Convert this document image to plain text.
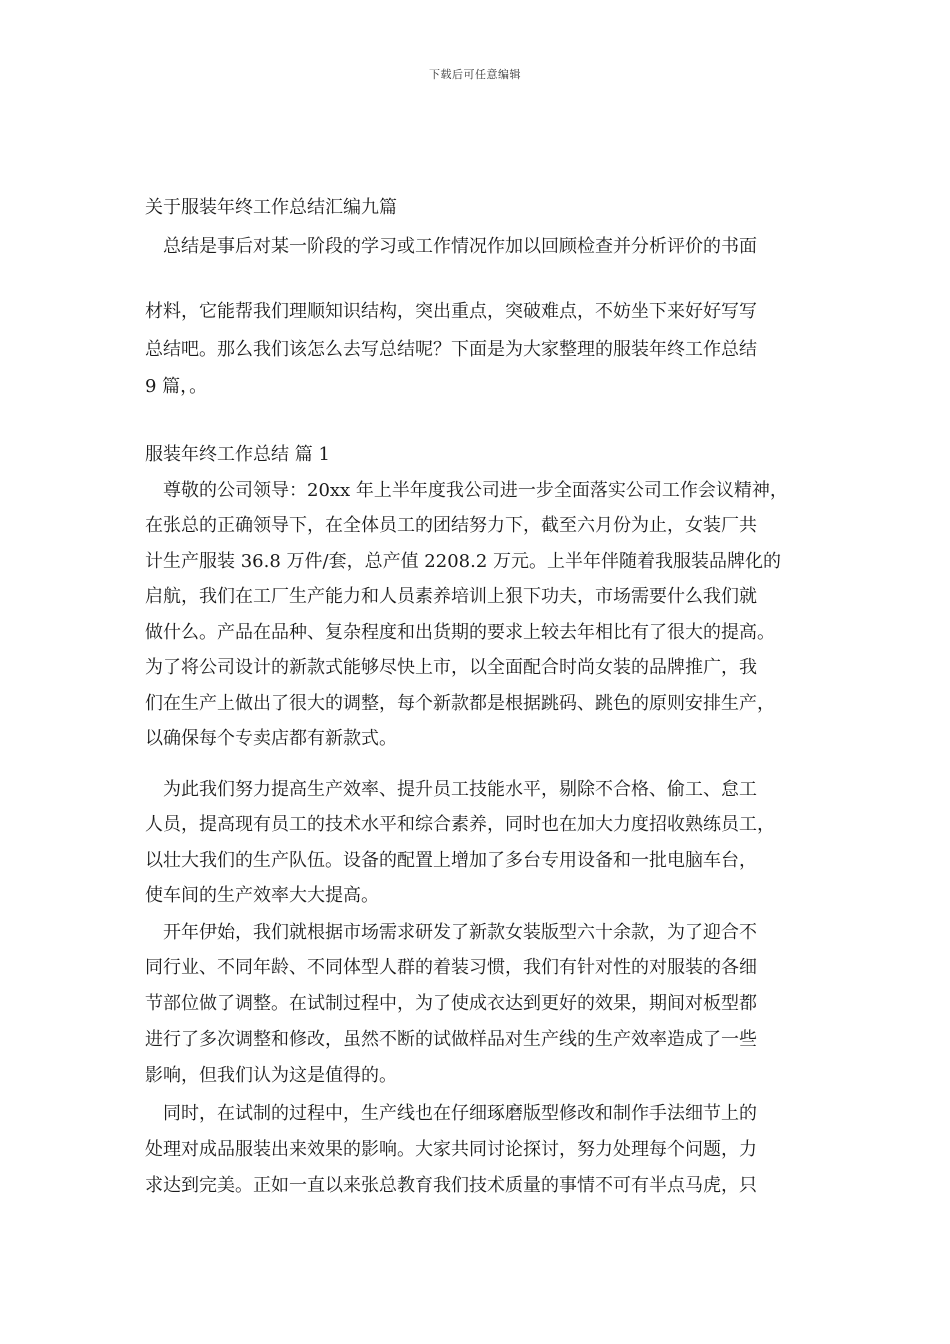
下载后可任意编辑
关于服装年终工作总结汇编九篇
总结是事后对某一阶段的学习或工作情况作加以回顾检查并分析评价的书面
材料，它能帮我们理顺知识结构，突出重点，突破难点，不妨坐下来好好写写
总结吧。那么我们该怎么去写总结呢？下面是为大家整理的服装年终工作总结
9 篇，。
服装年终工作总结 篇 1
尊敬的公司领导：20xx 年上半年度我公司进一步全面落实公司工作会议精神，
在张总的正确领导下，在全体员工的团结努力下，截至六月份为止，女装厂共
计生产服装 36.8 万件/套，总产值 2208.2 万元。上半年伴随着我服装品牌化的
启航，我们在工厂生产能力和人员素养培训上狠下功夫，市场需要什么我们就
做什么。产品在品种、复杂程度和出货期的要求上较去年相比有了很大的提高。
为了将公司设计的新款式能够尽快上市，以全面配合时尚女装的品牌推广，我
们在生产上做出了很大的调整，每个新款都是根据跳码、跳色的原则安排生产，
以确保每个专卖店都有新款式。
为此我们努力提高生产效率、提升员工技能水平，剔除不合格、偷工、怠工
人员，提高现有员工的技术水平和综合素养，同时也在加大力度招收熟练员工，
以壮大我们的生产队伍。设备的配置上增加了多台专用设备和一批电脑车台，
使车间的生产效率大大提高。
开年伊始，我们就根据市场需求研发了新款女装版型六十余款，为了迎合不
同行业、不同年龄、不同体型人群的着装习惯，我们有针对性的对服装的各细
节部位做了调整。在试制过程中，为了使成衣达到更好的效果，期间对板型都
进行了多次调整和修改，虽然不断的试做样品对生产线的生产效率造成了一些
影响，但我们认为这是值得的。
同时，在试制的过程中，生产线也在仔细琢磨版型修改和制作手法细节上的
处理对成品服装出来效果的影响。大家共同讨论探讨，努力处理每个问题，力
求达到完美。正如一直以来张总教育我们技术质量的事情不可有半点马虎，只
